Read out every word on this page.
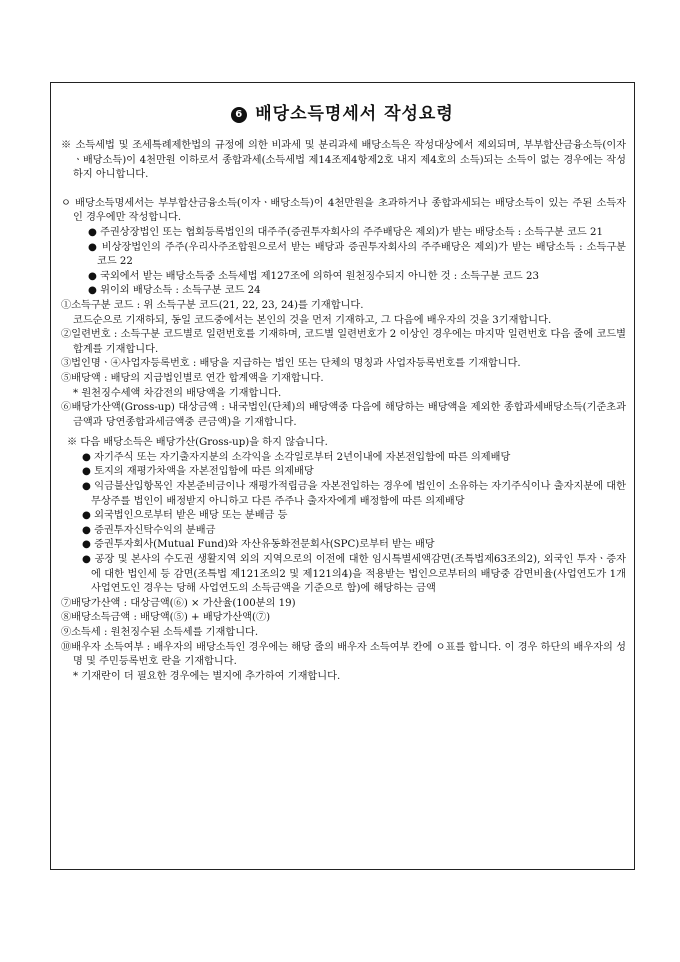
6 배당소득명세서 작성요령

※ 소득세법 및 조세특례제한법의 규정에 의한 비과세 및 분리과세 배당소득은 작성대상에서 제외되며, 부부합산금융소득(이자ㆍ배당소득)이 4천만원 이하로서 종합과세(소득세법 제14조제4항제2호 내지 제4호의 소득)되는 소득이 없는 경우에는 작성하지 아니합니다.

ㅇ 배당소득명세서는 부부합산금융소득(이자ㆍ배당소득)이 4천만원을 초과하거나 종합과세되는 배당소득이 있는 주된 소득자인 경우에만 작성합니다.

● 주권상장법인 또는 협회등록법인의 대주주(증권투자회사의 주주배당은 제외)가 받는 배당소득 : 소득구분 코드 21

● 비상장법인의 주주(우리사주조합원으로서 받는 배당과 증권투자회사의 주주배당은 제외)가 받는 배당소득 : 소득구분 코드 22

● 국외에서 받는 배당소득중 소득세법 제127조에 의하여 원천징수되지 아니한 것 : 소득구분 코드 23

● 위이외 배당소득 : 소득구분 코드 24

①소득구분 코드 : 위 소득구분 코드(21, 22, 23, 24)를 기재합니다.

코드순으로 기재하되, 동일 코드중에서는 본인의 것을 먼저 기재하고, 그 다음에 배우자의 것을 3기재합니다.

②일련번호 : 소득구분 코드별로 일련번호를 기재하며, 코드별 일련번호가 2 이상인 경우에는 마지막 일련번호 다음 줄에 코드별 합계를 기재합니다.

③법인명ㆍ④사업자등록번호 : 배당을 지급하는 법인 또는 단체의 명칭과 사업자등록번호를 기재합니다.

⑤배당액 : 배당의 지급법인별로 연간 합계액을 기재합니다.

* 원천징수세액 차감전의 배당액을 기재합니다.

⑥배당가산액(Gross-up) 대상금액 : 내국법인(단체)의 배당액중 다음에 해당하는 배당액을 제외한 종합과세배당소득(기준초과금액과 당연종합과세금액중 큰금액)을 기재합니다.

※ 다음 배당소득은 배당가산(Gross-up)을 하지 않습니다.

● 자기주식 또는 자기출자지분의 소각익을 소각일로부터 2년이내에 자본전입함에 따른 의제배당

● 토지의 재평가차액을 자본전입함에 따른 의제배당

● 익금불산입항목인 자본준비금이나 재평가적립금을 자본전입하는 경우에 법인이 소유하는 자기주식이나 출자지분에 대한 무상주를 법인이 배정받지 아니하고 다른 주주나 출자자에게 배정함에 따른 의제배당

● 외국법인으로부터 받은 배당 또는 분배금 등

● 증권투자신탁수익의 분배금

● 증권투자회사(Mutual Fund)와 자산유동화전문회사(SPC)로부터 받는 배당

● 공장 및 본사의 수도권 생활지역 외의 지역으로의 이전에 대한 임시특별세액감면(조특법제63조의2), 외국인 투자ㆍ증자에 대한 법인세 등 감면(조특법 제121조의2 및 제121의4)을 적용받는 법인으로부터의 배당중 감면비율(사업연도가 1개 사업연도인 경우는 당해 사업연도의 소득금액을 기준으로 함)에 해당하는 금액

⑦배당가산액 : 대상금액(⑥) × 가산율(100분의 19)

⑧배당소득금액 : 배당액(⑤) + 배당가산액(⑦)

⑨소득세 : 원천징수된 소득세를 기재합니다.

⑩배우자 소득여부 : 배우자의 배당소득인 경우에는 해당 줄의 배우자 소득여부 칸에 ㅇ표를 합니다. 이 경우 하단의 배우자의 성명 및 주민등록번호 란을 기재합니다.

* 기재란이 더 필요한 경우에는 별지에 추가하여 기재합니다.
